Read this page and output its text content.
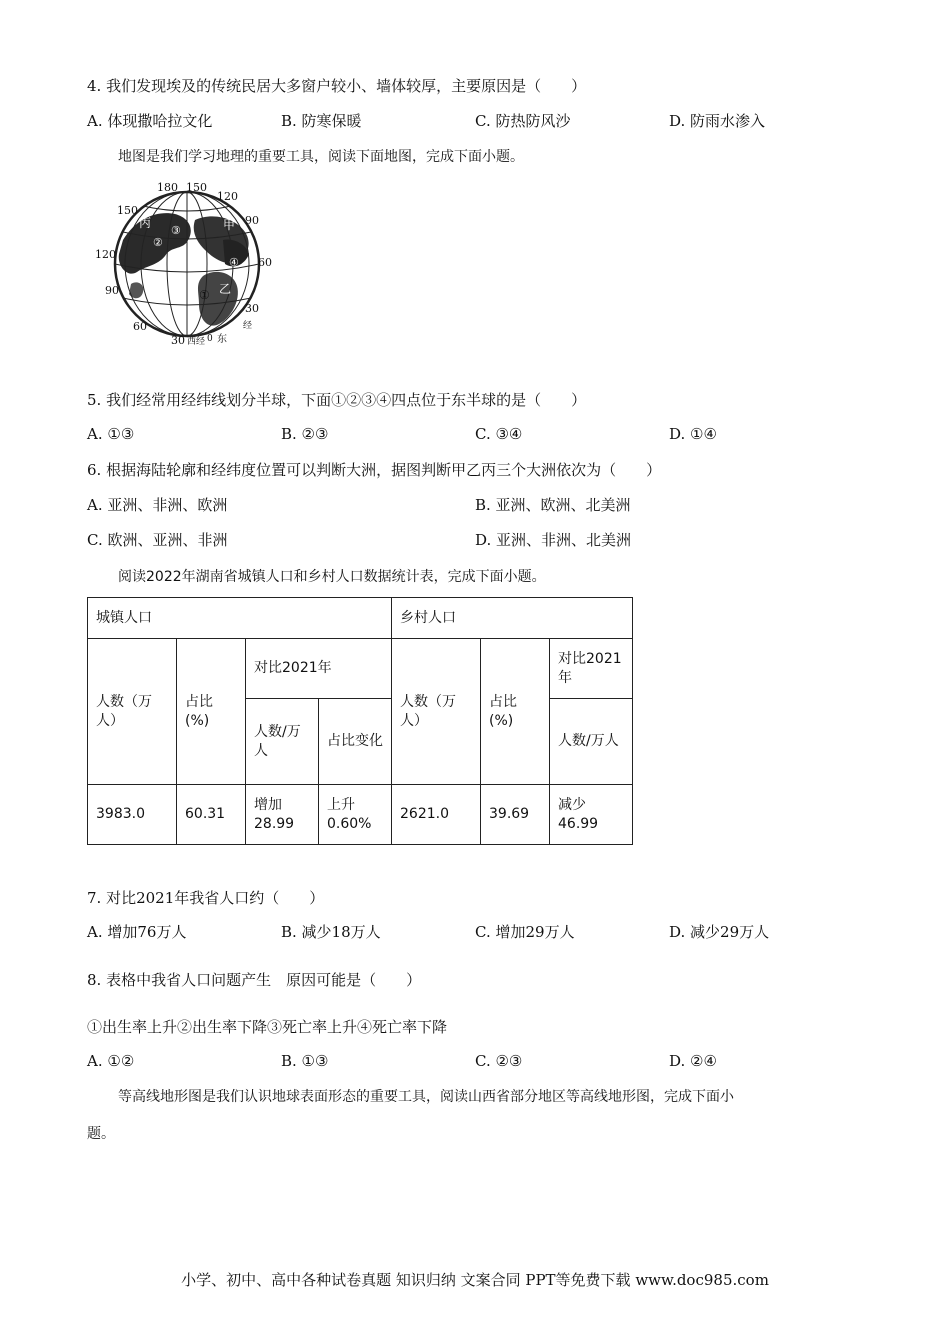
4. 我们发现埃及的传统民居大多窗户较小、墙体较厚，主要原因是（　　）
A. 体现撒哈拉文化	B. 防寒保暖	C. 防热防风沙	D. 防雨水渗入
地图是我们学习地理的重要工具，阅读下面地图，完成下面小题。
180 150
120
150
120
90
60
30 西经 0 东
经
90
60
30
甲
乙
丙
①
②
③
④
5. 我们经常用经纬线划分半球，下面①②③④四点位于东半球的是（　　）
A. ①③	B. ②③	C. ③④	D. ①④
6. 根据海陆轮廓和经纬度位置可以判断大洲，据图判断甲乙丙三个大洲依次为（　　）
A. 亚洲、非洲、欧洲	B. 亚洲、欧洲、北美洲
C. 欧洲、亚洲、非洲	D. 亚洲、非洲、北美洲
阅读2022年湖南省城镇人口和乡村人口数据统计表，完成下面小题。
城镇人口				乡村人口		
人数（万人）	占比(%)	对比2021年		人数（万人）	占比(%)	对比2021年
		人数/万人	占比变化			人数/万人
3983.0	60.31	增加28.99	上升0.60%	2621.0	39.69	减少46.99
7. 对比2021年我省人口约（　　）
A. 增加76万人	B. 减少18万人	C. 增加29万人	D. 减少29万人
8. 表格中我省人口问题产生　原因可能是（　　）
①出生率上升②出生率下降③死亡率上升④死亡率下降
A. ①②	B. ①③	C. ②③	D. ②④
等高线地形图是我们认识地球表面形态的重要工具，阅读山西省部分地区等高线地形图，完成下面小
题。
小学、初中、高中各种试卷真题 知识归纳 文案合同 PPT等免费下载 www.doc985.com
